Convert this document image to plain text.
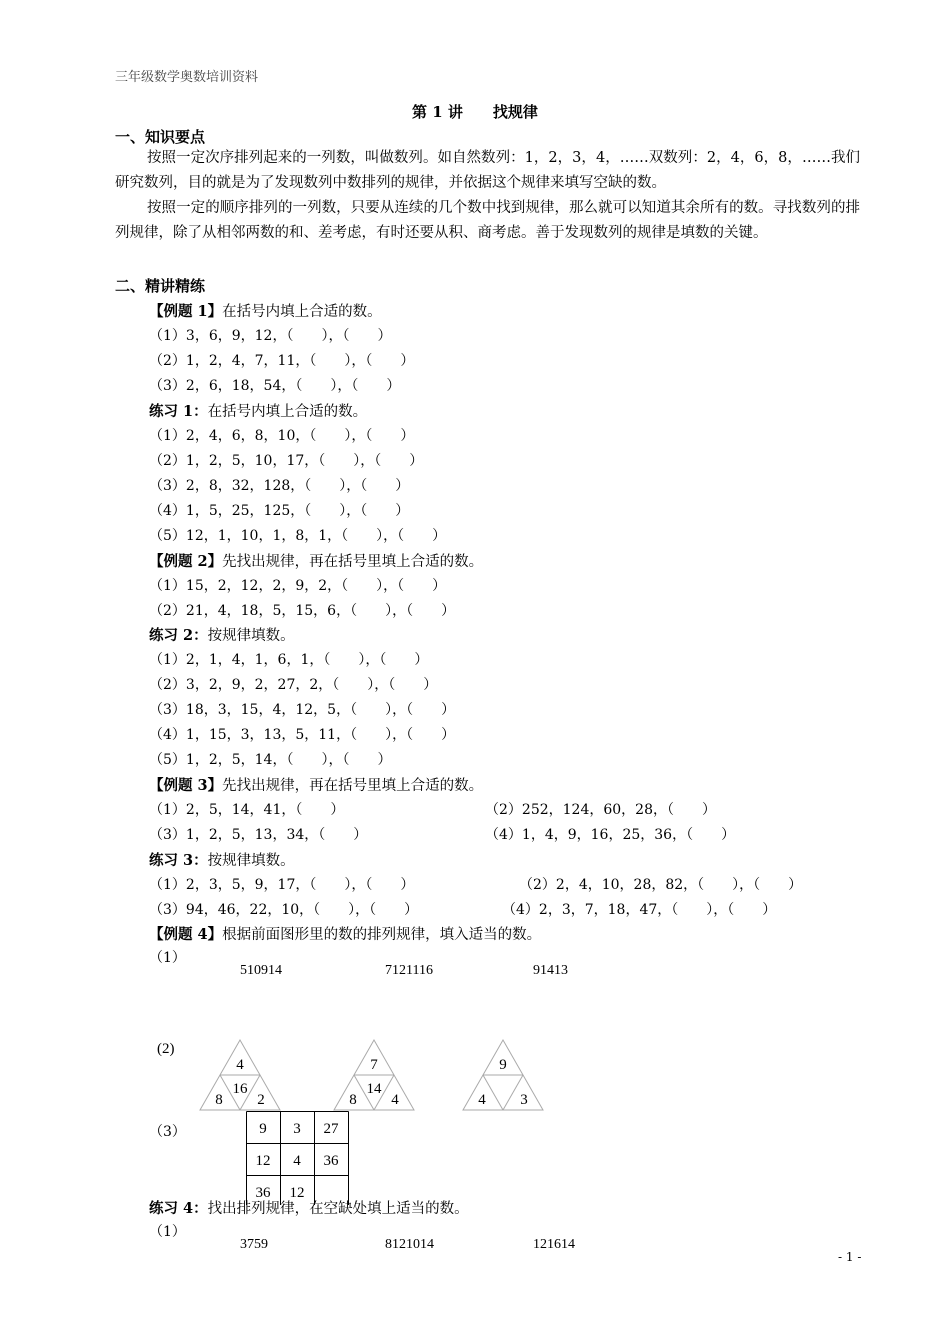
三年级数学奥数培训资料
第 1 讲　　找规律
一、知识要点

按照一定次序排列起来的一列数，叫做数列。如自然数列：1，2，3，4，……双数列：2，4，6，8，……我们研究数列，目的就是为了发现数列中数排列的规律，并依据这个规律来填写空缺的数。

按照一定的顺序排列的一列数，只要从连续的几个数中找到规律，那么就可以知道其余所有的数。寻找数列的排列规律，除了从相邻两数的和、差考虑，有时还要从积、商考虑。善于发现数列的规律是填数的关键。

二、精讲精练
【例题 1】在括号内填上合适的数。
（1）3，6，9，12，（　　），（　　）
（2）1，2，4，7，11，（　　），（　　）
（3）2，6，18，54，（　　），（　　）
练习 1：在括号内填上合适的数。
（1）2，4，6，8，10，（　　），（　　）
（2）1，2，5，10，17，（　　），（　　）
（3）2，8，32，128，（　　），（　　）
（4）1，5，25，125，（　　），（　　）
（5）12，1，10，1，8，1，（　　），（　　）
【例题 2】先找出规律，再在括号里填上合适的数。
（1）15，2，12，2，9，2，（　　），（　　）
（2）21，4，18，5，15，6，（　　），（　　）
练习 2：按规律填数。
（1）2，1，4，1，6，1，（　　），（　　）
（2）3，2，9，2，27，2，（　　），（　　）
（3）18，3，15，4，12，5，（　　），（　　）
（4）1，15，3，13，5，11，（　　），（　　）
（5）1，2，5，14，（　　），（　　）
【例题 3】先找出规律，再在括号里填上合适的数。
（1）2，5，14，41，（　　）	（2）252，124，60，28，（　　）
（3）1，2，5，13，34，（　　）	（4）1，4，9，16，25，36，（　　）
练习 3：按规律填数。
（1）2，3，5，9，17，（　　），（　　）	（2）2，4，10，28，82，（　　），（　　）
（3）94，46，22，10，（　　），（　　）	（4）2，3，7，18，47，（　　），（　　）
【例题 4】根据前面图形里的数的排列规律，填入适当的数。
（1）
510914	7121116	91413
(2)
4
16
8 2
7
14
8 4
9
4 3
（3）	9 3 27
12 4 36
36 12
练习 4：找出排列规律，在空缺处填上适当的数。
（1）
3759	8121014	121614
- 1 -
